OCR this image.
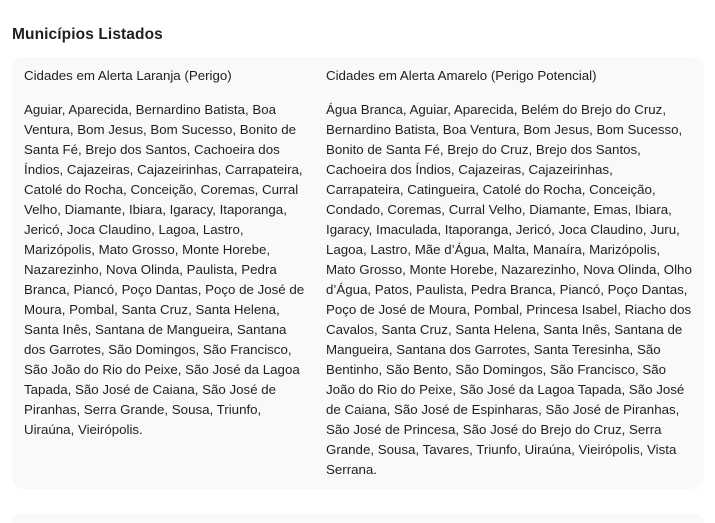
Municípios Listados
Cidades em Alerta Laranja (Perigo)

Aguiar, Aparecida, Bernardino Batista, Boa Ventura, Bom Jesus, Bom Sucesso, Bonito de Santa Fé, Brejo dos Santos, Cachoeira dos Índios, Cajazeiras, Cajazeirinhas, Carrapateira, Catolé do Rocha, Conceição, Coremas, Curral Velho, Diamante, Ibiara, Igaracy, Itaporanga, Jericó, Joca Claudino, Lagoa, Lastro, Marizópolis, Mato Grosso, Monte Horebe, Nazarezinho, Nova Olinda, Paulista, Pedra Branca, Piancó, Poço Dantas, Poço de José de Moura, Pombal, Santa Cruz, Santa Helena, Santa Inês, Santana de Mangueira, Santana dos Garrotes, São Domingos, São Francisco, São João do Rio do Peixe, São José da Lagoa Tapada, São José de Caiana, São José de Piranhas, Serra Grande, Sousa, Triunfo, Uiraúna, Vieirópolis.

Cidades em Alerta Amarelo (Perigo Potencial)

Água Branca, Aguiar, Aparecida, Belém do Brejo do Cruz, Bernardino Batista, Boa Ventura, Bom Jesus, Bom Sucesso, Bonito de Santa Fé, Brejo do Cruz, Brejo dos Santos, Cachoeira dos Índios, Cajazeiras, Cajazeirinhas, Carrapateira, Catingueira, Catolé do Rocha, Conceição, Condado, Coremas, Curral Velho, Diamante, Emas, Ibiara, Igaracy, Imaculada, Itaporanga, Jericó, Joca Claudino, Juru, Lagoa, Lastro, Mãe d’Água, Malta, Manaíra, Marizópolis, Mato Grosso, Monte Horebe, Nazarezinho, Nova Olinda, Olho d’Água, Patos, Paulista, Pedra Branca, Piancó, Poço Dantas, Poço de José de Moura, Pombal, Princesa Isabel, Riacho dos Cavalos, Santa Cruz, Santa Helena, Santa Inês, Santana de Mangueira, Santana dos Garrotes, Santa Teresinha, São Bentinho, São Bento, São Domingos, São Francisco, São João do Rio do Peixe, São José da Lagoa Tapada, São José de Caiana, São José de Espinharas, São José de Piranhas, São José de Princesa, São José do Brejo do Cruz, Serra Grande, Sousa, Tavares, Triunfo, Uiraúna, Vieirópolis, Vista Serrana.
